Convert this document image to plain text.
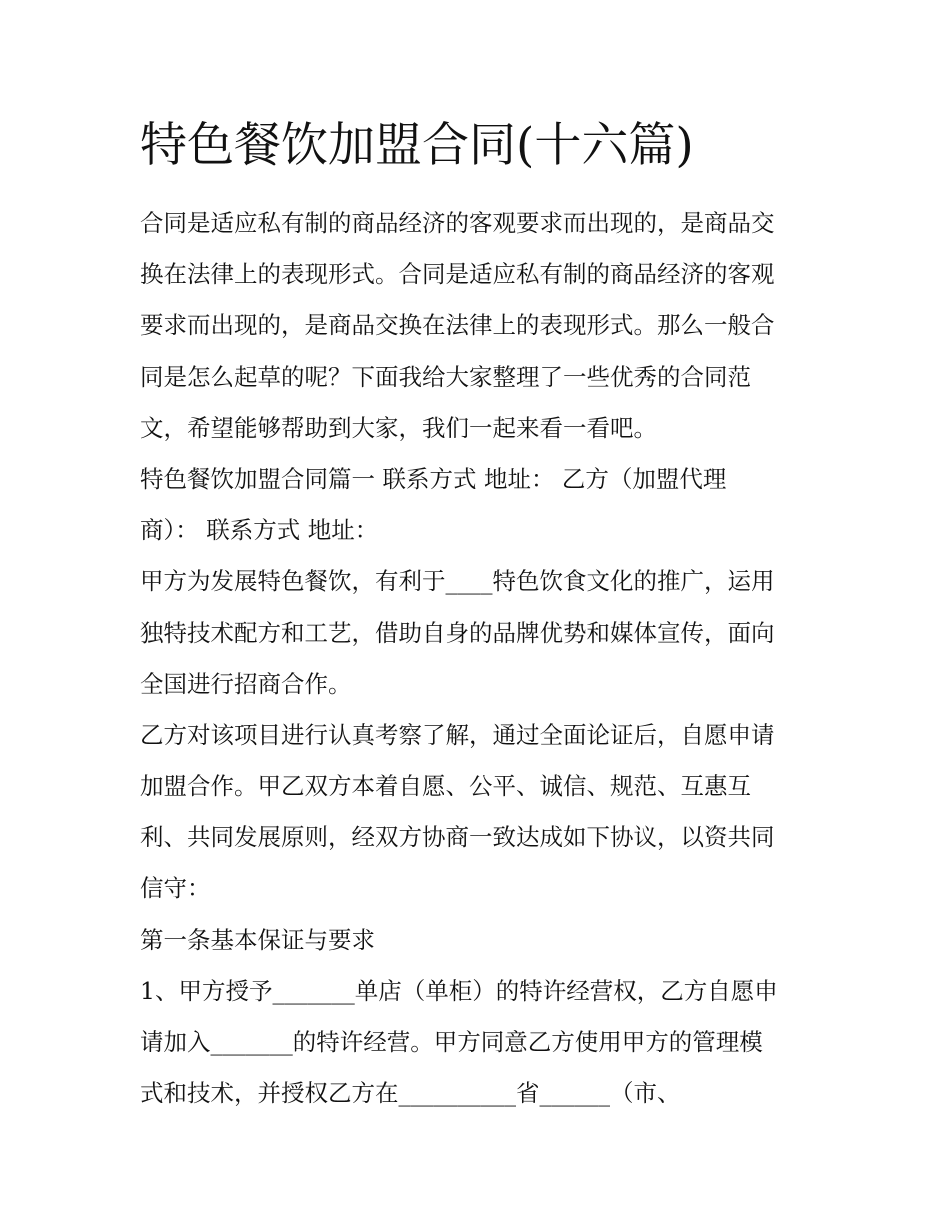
特色餐饮加盟合同(十六篇)
合同是适应私有制的商品经济的客观要求而出现的，是商品交
换在法律上的表现形式。合同是适应私有制的商品经济的客观
要求而出现的，是商品交换在法律上的表现形式。那么一般合
同是怎么起草的呢？下面我给大家整理了一些优秀的合同范
文，希望能够帮助到大家，我们一起来看一看吧。
特色餐饮加盟合同篇一 联系方式 地址： 乙方（加盟代理
商）： 联系方式 地址：
甲方为发展特色餐饮，有利于____特色饮食文化的推广，运用
独特技术配方和工艺，借助自身的品牌优势和媒体宣传，面向
全国进行招商合作。
乙方对该项目进行认真考察了解，通过全面论证后，自愿申请
加盟合作。甲乙双方本着自愿、公平、诚信、规范、互惠互
利、共同发展原则，经双方协商一致达成如下协议，以资共同
信守：
第一条基本保证与要求
1、甲方授予_______单店（单柜）的特许经营权，乙方自愿申
请加入_______的特许经营。甲方同意乙方使用甲方的管理模
式和技术，并授权乙方在__________省______（市、
